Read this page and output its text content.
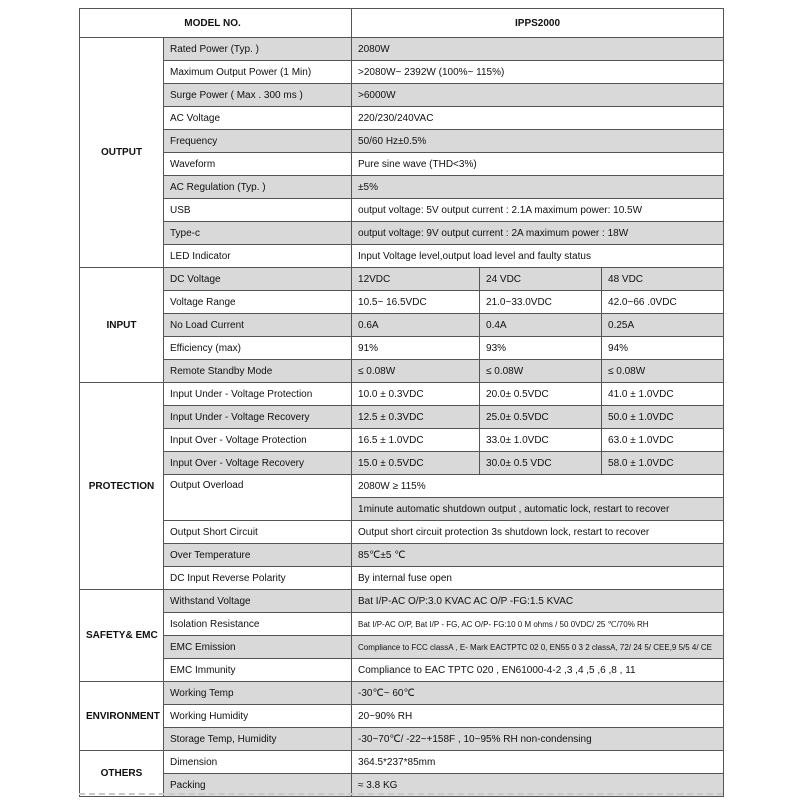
MODEL NO.		IPPS2000		
OUTPUT	Rated Power (Typ. )	2080W		
	Maximum Output Power (1 Min)	>2080W~ 2392W (100%~ 115%)		
	Surge Power ( Max . 300 ms )	>6000W		
	AC Voltage	220/230/240VAC		
	Frequency	50/60 Hz±0.5%		
	Waveform	Pure sine wave (THD<3%)		
	AC Regulation (Typ. )	±5%		
	USB	output voltage: 5V output current : 2.1A maximum power: 10.5W		
	Type-c	output voltage: 9V output current : 2A maximum power : 18W		
	LED Indicator	Input Voltage level,output load level and faulty status		
INPUT	DC Voltage	12VDC	24 VDC	48 VDC
	Voltage Range	10.5~ 16.5VDC	21.0~33.0VDC	42.0~66 .0VDC
	No Load Current	0.6A	0.4A	0.25A
	Efficiency (max)	91%	93%	94%
	Remote Standby Mode	≤ 0.08W	≤ 0.08W	≤ 0.08W
PROTECTION	Input Under - Voltage Protection	10.0 ± 0.3VDC	20.0± 0.5VDC	41.0 ± 1.0VDC
	Input Under - Voltage Recovery	12.5 ± 0.3VDC	25.0± 0.5VDC	50.0 ± 1.0VDC
	Input Over - Voltage Protection	16.5 ± 1.0VDC	33.0± 1.0VDC	63.0 ± 1.0VDC
	Input Over - Voltage Recovery	15.0 ± 0.5VDC	30.0± 0.5 VDC	58.0 ± 1.0VDC
	Output Overload	2080W ≥ 115%		
		1minute automatic shutdown output , automatic lock, restart to recover		
	Output Short Circuit	Output short circuit protection 3s shutdown lock, restart to recover		
	Over Temperature	85℃±5 ℃		
	DC Input Reverse Polarity	By internal fuse open		
SAFETY& EMC	Withstand Voltage	Bat I/P-AC O/P:3.0 KVAC AC O/P -FG:1.5 KVAC		
	Isolation Resistance	Bat I/P-AC O/P, Bat I/P - FG, AC O/P- FG:10 0 M ohms / 50 0VDC/ 25 ℃/70% RH		
	EMC Emission	Compliance to FCC classA , E- Mark EACTPTC 02 0, EN55 0 3 2 classA, 72/ 24 5/ CEE,9 5/5 4/ CE		
	EMC Immunity	Compliance to EAC TPTC 020 , EN61000-4-2 ,3 ,4 ,5 ,6 ,8 , 11		
ENVIRONMENT	Working Temp	-30℃~ 60℃		
	Working Humidity	20~90% RH		
	Storage Temp, Humidity	-30~70℃/ -22~+158F , 10~95% RH non-condensing		
OTHERS	Dimension	364.5*237*85mm		
	Packing	≈ 3.8 KG		
